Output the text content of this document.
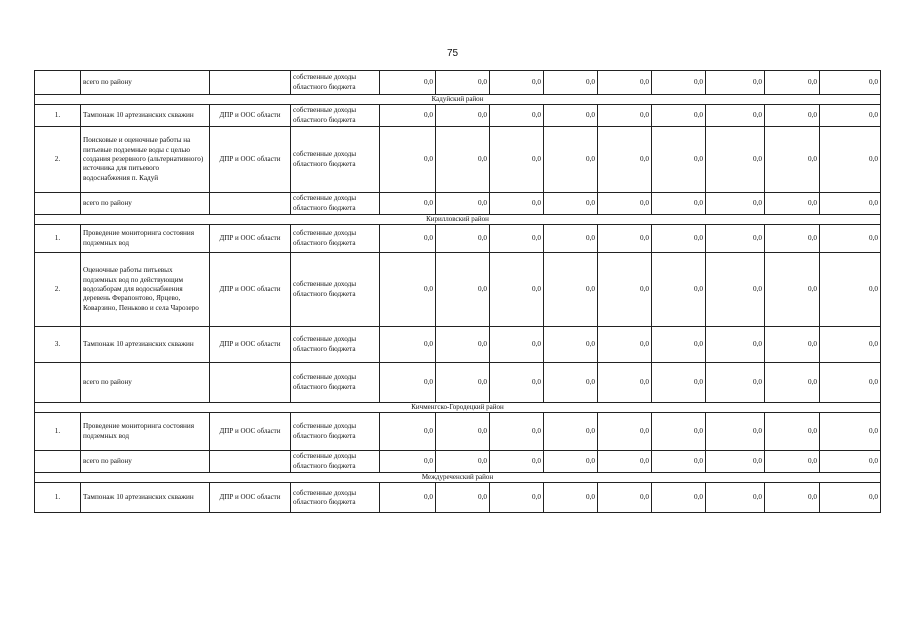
75
	всего по району		собственные доходы областного бюджета	0,0	0,0	0,0	0,0	0,0	0,0	0,0	0,0	0,0
Кадуйский район												
1.	Тампонаж 10 артезианских скважин	ДПР и ООС области	собственные доходы областного бюджета	0,0	0,0	0,0	0,0	0,0	0,0	0,0	0,0	0,0
2.	Поисковые и оценочные работы на питьевые подземные воды с целью создания резервного (альтернативного) источника для питьевого водоснабжения п. Кадуй	ДПР и ООС области	собственные доходы областного бюджета	0,0	0,0	0,0	0,0	0,0	0,0	0,0	0,0	0,0
	всего по району		собственные доходы областного бюджета	0,0	0,0	0,0	0,0	0,0	0,0	0,0	0,0	0,0
Кирилловский район												
1.	Проведение мониторинга состояния подземных вод	ДПР и ООС области	собственные доходы областного бюджета	0,0	0,0	0,0	0,0	0,0	0,0	0,0	0,0	0,0
2.	Оценочные работы питьевых подземных вод по действующим водозаборам для водоснабжения деревень Ферапонтово, Ярцево, Коварзино, Пеньково и села Чарозеро	ДПР и ООС области	собственные доходы областного бюджета	0,0	0,0	0,0	0,0	0,0	0,0	0,0	0,0	0,0
3.	Тампонаж 10 артезианских скважин	ДПР и ООС области	собственные доходы областного бюджета	0,0	0,0	0,0	0,0	0,0	0,0	0,0	0,0	0,0
	всего по району		собственные доходы областного бюджета	0,0	0,0	0,0	0,0	0,0	0,0	0,0	0,0	0,0
Кичменгско-Городецкий район												
1.	Проведение мониторинга состояния подземных вод	ДПР и ООС области	собственные доходы областного бюджета	0,0	0,0	0,0	0,0	0,0	0,0	0,0	0,0	0,0
	всего по району		собственные доходы областного бюджета	0,0	0,0	0,0	0,0	0,0	0,0	0,0	0,0	0,0
Междуреченский район												
1.	Тампонаж 10 артезианских скважин	ДПР и ООС области	собственные доходы областного бюджета	0,0	0,0	0,0	0,0	0,0	0,0	0,0	0,0	0,0
